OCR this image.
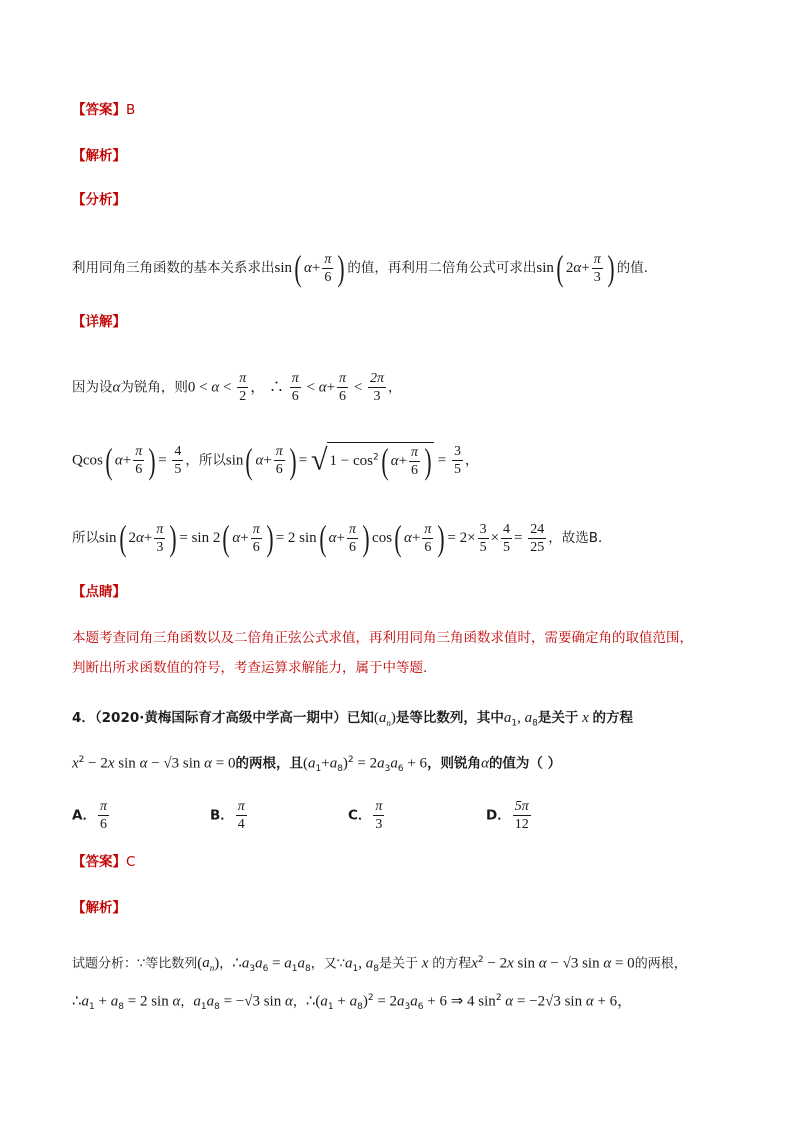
【答案】B
【解析】
【分析】
利用同角三角函数的基本关系求出sin( $\alpha+ \frac{\pi}{6}$ ) 的值，再利用二倍角公式可求出sin( $2\alpha+ \frac{\pi}{3}$ ) 的值.
【详解】
因为设α为锐角，则$0 < \alpha < \frac{\pi}{2}$ ， ∴ $\frac{\pi}{6} < \alpha+ \frac{\pi}{6} < \frac{2\pi}{3}$ ，
Qcos( $\alpha+ \frac{\pi}{6}$ ) = $\frac{4}{5}$ ，所以sin( $\alpha+ \frac{\pi}{6}$ ) = √ $1 - \cos^2$( $\alpha+ \frac{\pi}{6}$ ) = $\frac{3}{5}$ ，
所以sin( $2\alpha+ \frac{\pi}{3}$ ) = sin 2( $\alpha+ \frac{\pi}{6}$ ) = 2 sin( $\alpha+ \frac{\pi}{6}$ ) cos( $\alpha+ \frac{\pi}{6}$ ) = $2\times \frac{3}{5} \times \frac{4}{5} = \frac{24}{25}$ ，故选B．
【点睛】
本题考查同角三角函数以及二倍角正弦公式求值，再利用同角三角函数求值时，需要确定角的取值范围，
判断出所求函数值的符号，考查运算求解能力，属于中等题.
4．（2020·黄梅国际育才高级中学高一期中）已知$(a_n)$是等比数列，其中$a_1$, $a_8$是关于 x 的方程
$x^2 - 2x$ sin α − √3 sin α = 0的两根，且$(a_1+a_8)^2 = 2a_3a_6 + 6$，则锐角α的值为（ ）
A． $\frac{\pi}{6}$	B． $\frac{\pi}{4}$	C． $\frac{\pi}{3}$	D． $\frac{5\pi}{12}$
【答案】C
【解析】
试题分析：∵等比数列$(a_n)$，$\therefore a_3a_6 = a_1a_8$，又$\because a_1$, $a_8$是关于 x 的方程$x^2 - 2x$ sin α − √3 sin α = 0的两根，
$\therefore a_1 + a_8 = 2$ sin α，$a_1a_8 = -√3$ sin α，$\therefore(a_1 + a_8)^2 = 2a_3a_6 + 6$ ⇒ 4 $\sin^2 \alpha = -2√3$ sin α + 6，
